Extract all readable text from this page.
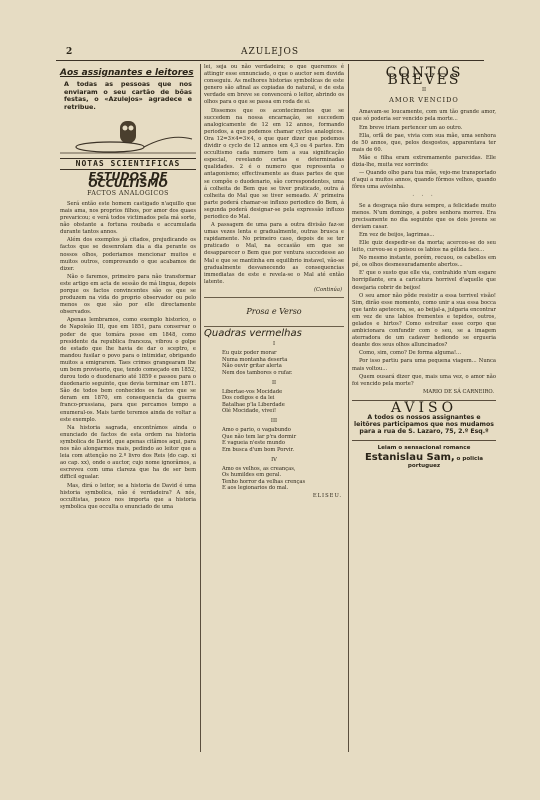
2	AZULEJOS
Aos assignantes e leitores
A todas as pessoas que nos enviaram o seu cartão de bôas festas, o «Azulejos» agradece e retribue.
NOTAS SCIENTIFICAS
ESTUDOS DE OCCULTISMO
FACTOS ANALOGICOS

Será então este homem castigado n'aquillo que mais ama, nos proprios filhos, por amor dos quaes prevaricou; e verá todos victimados pela má sorte, não obstante a fortuna roubada e accumulada durante tantos annos.

Além dos exemplos já citados, prejudicando os factos que se desenrolam dia a dia perante os nossos olhos, poderiamos mencionar muitos e muitos outros, comprovando o que acabamos de dizer.

Não o faremos, primeiro para não transformar este artigo em acta de sessão de má lingua, depois porque os factos convincentes são os que se produzem na vida do proprio observador ou pelo menos os que são por elle directamente observados.

Apenas lembramos, como exemplo historico, o de Napoleão III, que em 1851, para conservar o poder de que tomára posse em 1848, como presidente da republica franceza, vibrou o golpe de estado que lhe havia de dar o sceptro, e mandou fusilar o povo para o intimidar, obrigando muitos a emigrarem. Taes crimes grangearam lhe um bem provisorio, que, tendo começado em 1852, durou todo o duodenario até 1859 e passou para o duodenario seguinte, que devia terminar em 1871. São de todos bem conhecidos os factos que se deram em 1870, em consequencia da guerra franco-prussiana, para que percamos tempo a enumeral-os. Mais tarde teremos ainda de voltar a este exemplo.

Na historia sagrada, encontrámos ainda o enunciado de factos de esta ordem na historia symbolica de David, que apenas citâmos aqui, para nos não alongarmos mais, pedindo ao leitor que a leia com attenção no 2.º livro dos Reis (do cap. xi ao cap. xx), onde o auctor, cujo nome ignorâmos, a escreveu com uma clareza que ha de ser bem difficil egualar.

Mas, dirá o leitor, se a historia de David é uma historia symbolica, não é verdadeira? A nós, occultistas, pouco nos importa que a historia symbolica que occulta o enunciado de uma

lei, seja ou não verdadeira; o que queremos é attingir esse ennunciado, o que o auctor sem duvida conseguiu. As melhores historias symbolicas de este genero são afinal as copiadas do natural, e de esta verdade em breve se convencerá o leitor, abrindo os olhos para o que se passa em roda de si.

Dissemos que os acontecimentos que se succedem na nossa encarnação, se succedem analogicamente de 12 em 12 annos, formando periodos, a que podemos chamar cyclos analogicos. Ora 12=3×4=3×4, o que quer dizer que podemos dividir o cyclo de 12 annos em 4,3 ou 4 partes. Em occultismo cada numero tem a sua significação especial, revelando certas e determinadas qualidades. 2 é o numero que representa o antagonismo; effectivamente as duas partes de que se compõe o duodenario, são correspondentes, uma á colheita de Bem que se tiver praticado, outra á colheita do Mal que se tiver semeado. A' primeira parte poderá chamar-se influxo periodico do Bem, á segunda poderá designar-se pela expressão influxo periodico do Mal.

A passagem de uma para a outra divisão faz-se umas vezes lenta e gradualmente, outras brusca e rapidamente. No primeiro caso, depois de se ter praticado o Mal, na occasião em que se desapparecer o Bem que por ventura succedesse ao Mal e que se mantinha em equilibrio instavel, vão-se gradualmente desvanecendo as consequencias immediatas de este e revela-se o Mal até então latente.

(Continúa)
Prosa e Verso
Quadras vermelhas
I
Eu quiz poder morar
Numa montanha deserta
Não ouvir gritar alerta
Nem dos tambores o rufar.
II
Libertae-vos Mocidade
Dos codigos e da lei
Batalhae p'la Liberdade
Olé Mocidade, vivei!
III
Amo o pario, o vagabundo
Que não tem lar p'ra dormir
E vagueia n'este mundo
Em busca d'um bom Porvir.
IV
Amo os velhos, as creanças,
Os humildes em geral.
Tenho horror da velhas crenças
E aos legionarios do mal.
ELISEU.
CONTOS BREVES
II
AMOR VENCIDO

Amavam-se loucamente, com um tão grande amor, que só poderia ser vencido pela morte...

Em breve iriam pertencer um ao outro.

Ella, orfã de pae, vivia com sua mãe, uma senhora de 50 annos, que, pelos desgostos, apparentava ter mais de 60.

Mãe e filha eram extremamente parecidas. Elle dizia-lhe, muita vez sorrindo:

— Quando olho para tua mãe, vejo-me transportado d'aqui a muitos annos, quando fôrmos velhos, quando fôres uma avósinha.

· · ·

Se a desgraça não dura sempre, a felicidade muito menos. N'um domingo, a pobre senhora morreu. Era precisamente no dia seguinte que os dois jovens se deviam casar.

Em vez de beijos, lagrimas...

Elle quiz despedir-se da morta; acercou-se do seu leito, curvou-se e poisou os labios na gélida face...

No mesmo instante, porém, recuou, os cabellos em pé, os olhos desmesuradamente abertos...

E' que o susto que elle via, contrahido n'um esgare horripilante, era a caricatura horrivel d'aquelle que desejaria cobrir de beijos!

O seu amor não pôde resistir a essa terrivel visão! Sim, dirão esse momento, como unir a sua essa bocca que tanto apetecera, se, ao beijal-a, julgaria encontrar em vez de uns labios frementes e tepidos, outros, gelados e hirtos? Como estreitar esse corpo que ambicionara confundir com o seu, se a imagem aterradora de um cadaver hediondo se ergueria deante dos seus olhos alluncinados?

Como, sim, como? De forma alguma!...

Por isso partiu para uma pequena viagem... Nunca mais voltou...

Quem ousará dizer que, mais uma vez, o amor não foi vencido pela morte?

MARIO DE SÁ CARNEIRO.
AVISO
A todos os nossos assignantes e leitôres participamos que nos mudamos para a rua de S. Lazaro, 75, 2.º Esq.º
Leiam o sensacional romance
Estanislau Sam, o policia portuguez
